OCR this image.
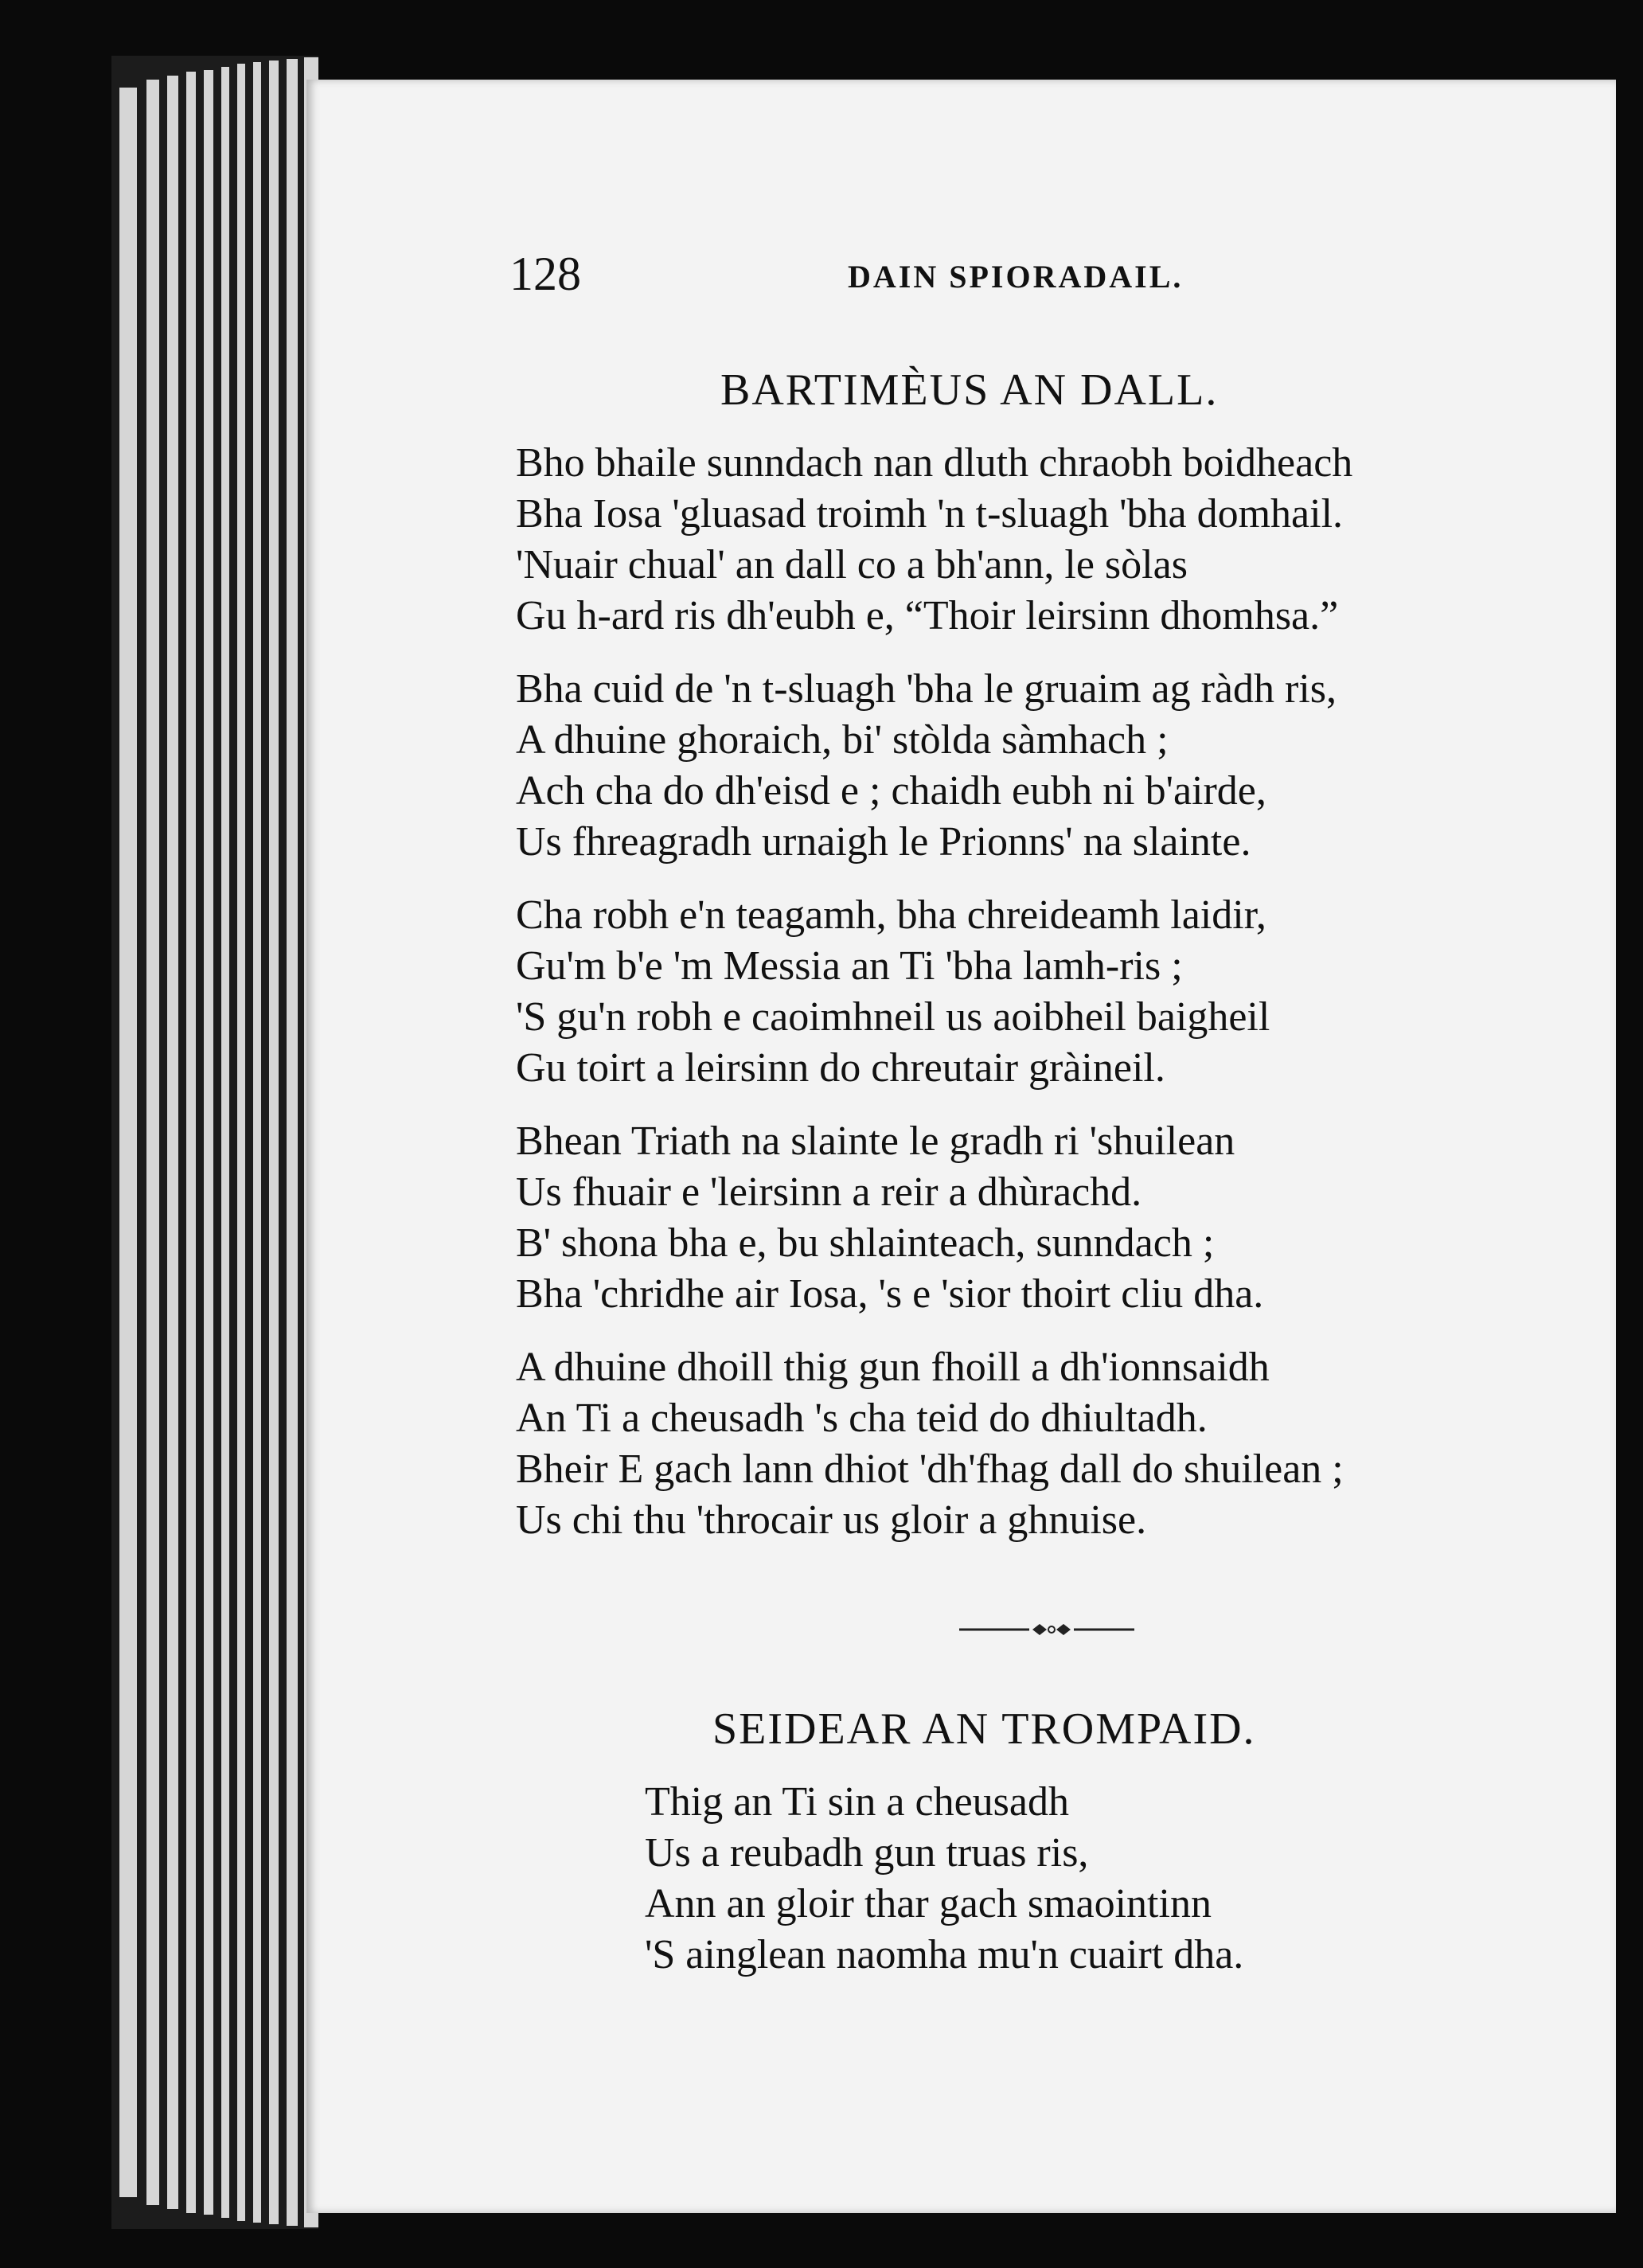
128	DAIN SPIORADAIL.
BARTIMÈUS AN DALL.
Bho bhaile sunndach nan dluth chraobh boidheach
Bha Iosa 'gluasad troimh 'n t-sluagh 'bha domhail.
'Nuair chual' an dall co a bh'ann, le sòlas
Gu h-ard ris dh'eubh e, “Thoir leirsinn dhomhsa.”
Bha cuid de 'n t-sluagh 'bha le gruaim ag ràdh ris,
A dhuine ghoraich, bi' stòlda sàmhach ;
Ach cha do dh'eisd e ; chaidh eubh ni b'airde,
Us fhreagradh urnaigh le Prionns' na slainte.
Cha robh e'n teagamh, bha chreideamh laidir,
Gu'm b'e 'm Messia an Ti 'bha lamh-ris ;
'S gu'n robh e caoimhneil us aoibheil baigheil
Gu toirt a leirsinn do chreutair gràineil.
Bhean Triath na slainte le gradh ri 'shuilean
Us fhuair e 'leirsinn a reir a dhùrachd.
B' shona bha e, bu shlainteach, sunndach ;
Bha 'chridhe air Iosa, 's e 'sior thoirt cliu dha.
A dhuine dhoill thig gun fhoill a dh'ionnsaidh
An Ti a cheusadh 's cha teid do dhiultadh.
Bheir E gach lann dhiot 'dh'fhag dall do shuilean ;
Us chi thu 'throcair us gloir a ghnuise.
SEIDEAR AN TROMPAID.
Thig an Ti sin a cheusadh
Us a reubadh gun truas ris,
Ann an gloir thar gach smaointinn
'S ainglean naomha mu'n cuairt dha.
